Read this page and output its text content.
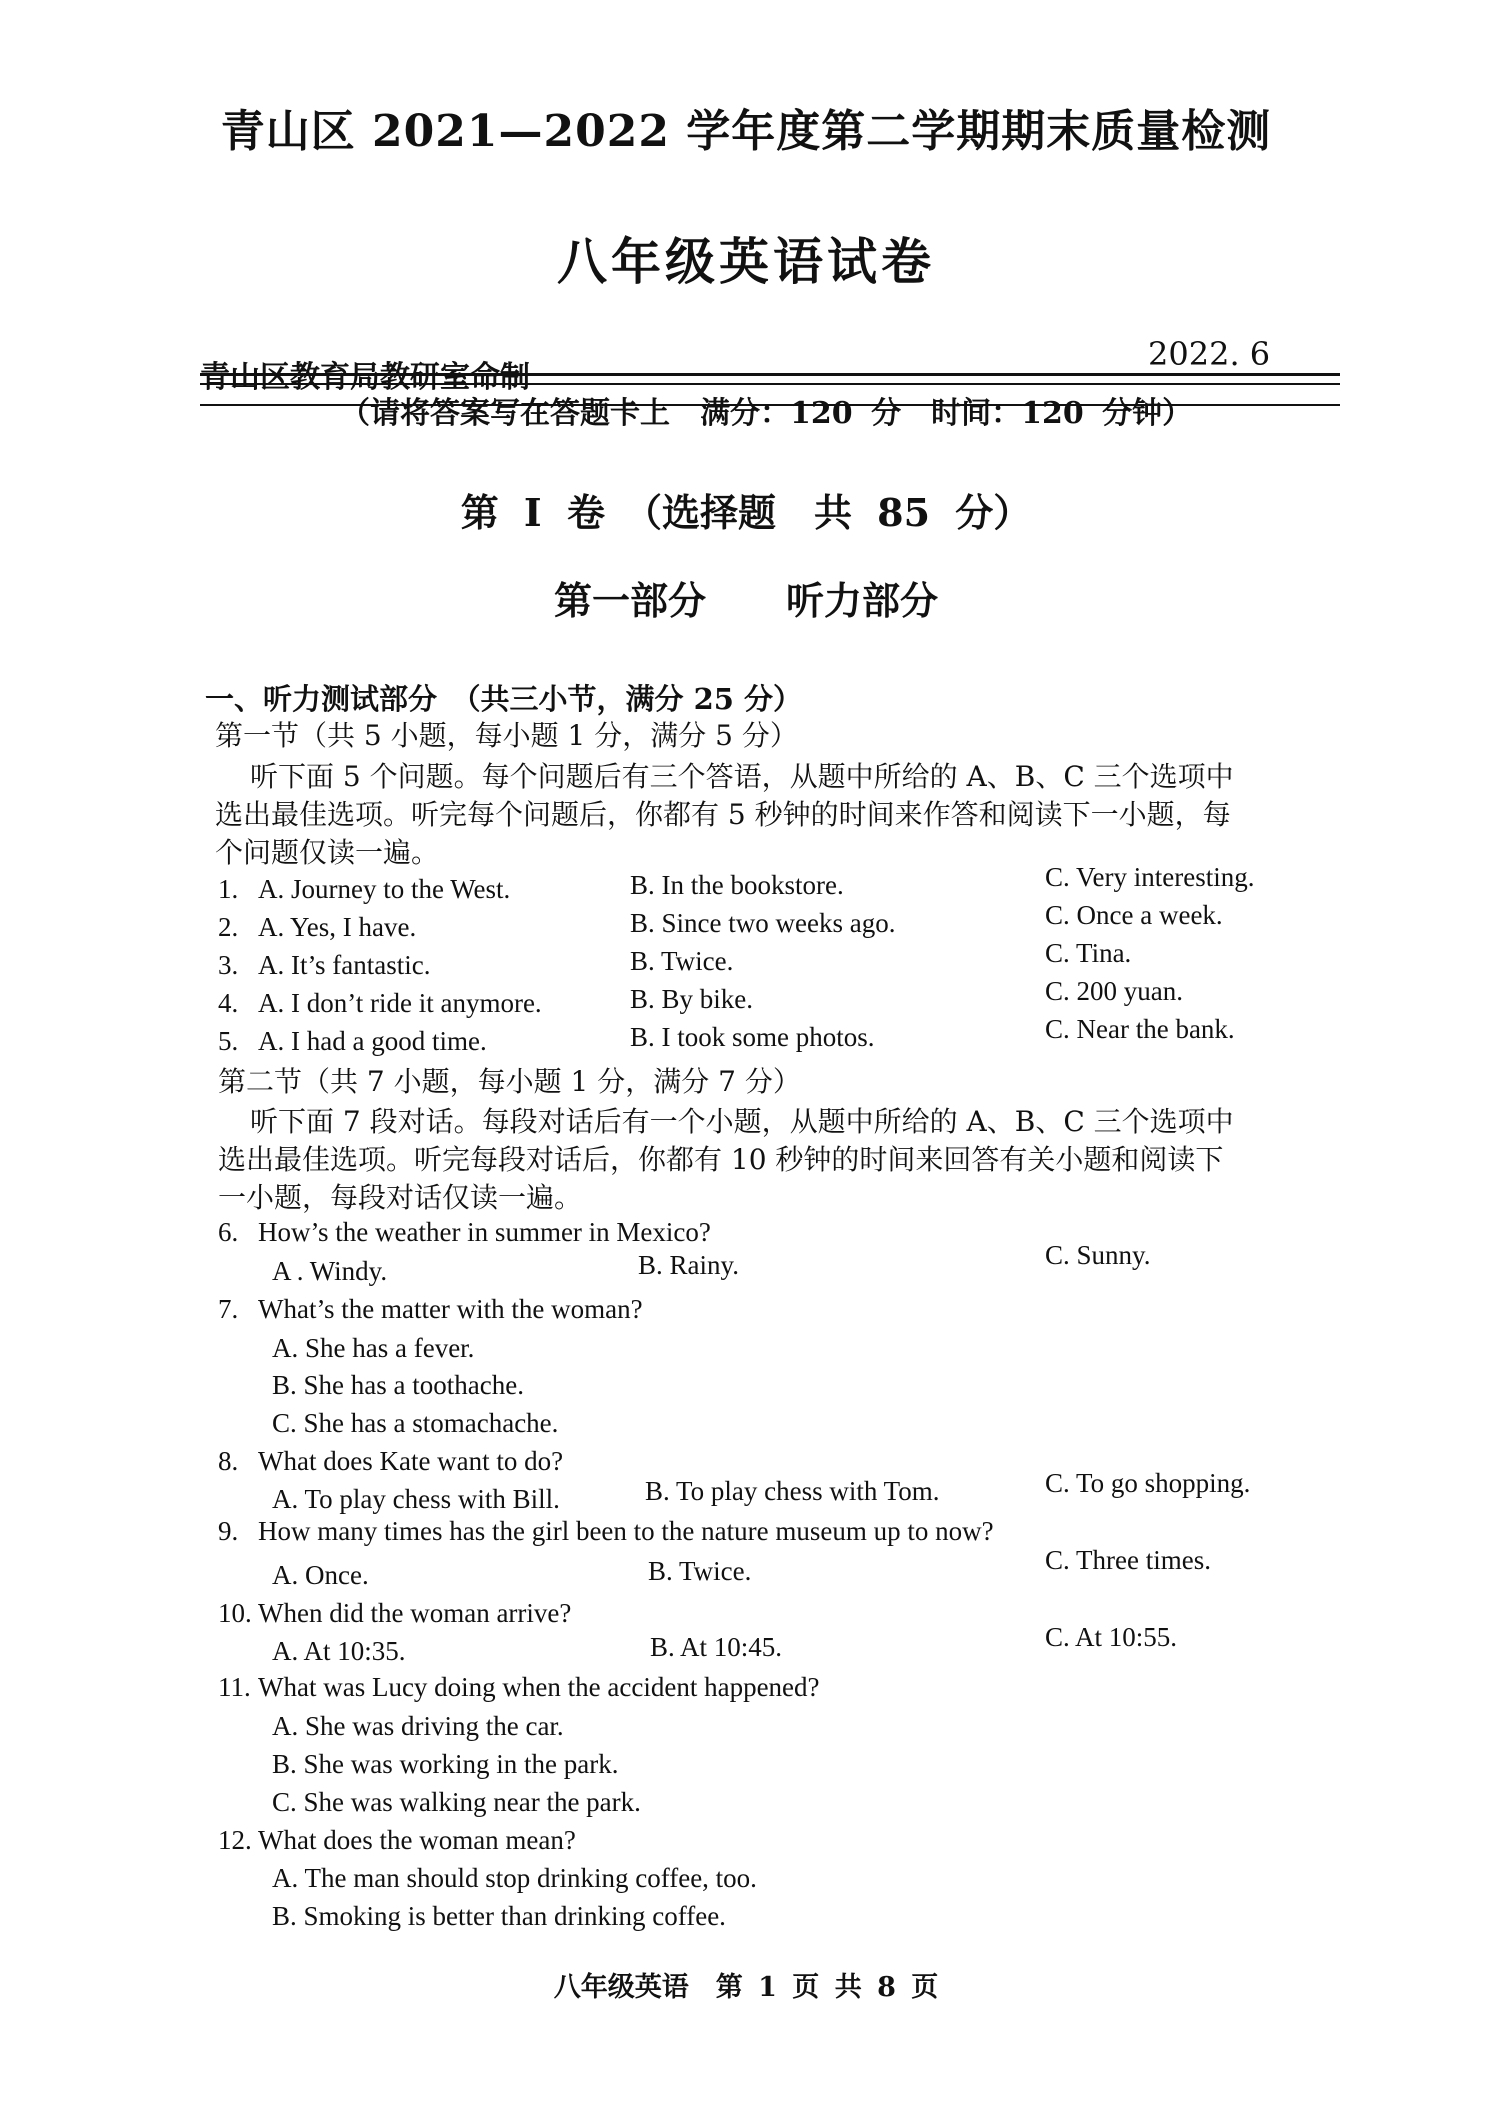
青山区 2021—2022 学年度第二学期期末质量检测
八年级英语试卷
青山区教育局教研室命制
2022. 6
（请将答案写在答题卡上　满分：120 分　时间：120 分钟）
第 I 卷　（选择题　共 85 分）
第一部分 听力部分
一、听力测试部分　（共三小节，满分 25 分）
第一节（共 5 小题，每小题 1 分，满分 5 分）
听下面 5 个问题。每个问题后有三个答语，从题中所给的 A、B、C 三个选项中
选出最佳选项。听完每个问题后，你都有 5 秒钟的时间来作答和阅读下一小题，每
个问题仅读一遍。
1. A. Journey to the West.	B. In the bookstore.	C. Very interesting.
2. A. Yes, I have.	B. Since two weeks ago.	C. Once a week.
3. A. It’s fantastic.	B. Twice.	C. Tina.
4. A. I don’t ride it anymore.	B. By bike.	C. 200 yuan.
5. A. I had a good time.	B. I took some photos.	C. Near the bank.
第二节（共 7 小题，每小题 1 分，满分 7 分）
听下面 7 段对话。每段对话后有一个小题，从题中所给的 A、B、C 三个选项中
选出最佳选项。听完每段对话后，你都有 10 秒钟的时间来回答有关小题和阅读下
一小题，每段对话仅读一遍。
6. How’s the weather in summer in Mexico?
A . Windy.	B. Rainy.	C. Sunny.
7. What’s the matter with the woman?
A. She has a fever.
B. She has a toothache.
C. She has a stomachache.
8. What does Kate want to do?
A. To play chess with Bill.	B. To play chess with Tom.	C. To go shopping.
9. How many times has the girl been to the nature museum up to now?
A. Once.	B. Twice.	C. Three times.
10. When did the woman arrive?
A. At 10:35.	B. At 10:45.	C. At 10:55.
11. What was Lucy doing when the accident happened?
A. She was driving the car.
B. She was working in the park.
C. She was walking near the park.
12. What does the woman mean?
A. The man should stop drinking coffee, too.
B. Smoking is better than drinking coffee.
八年级英语　第 1 页 共 8 页
